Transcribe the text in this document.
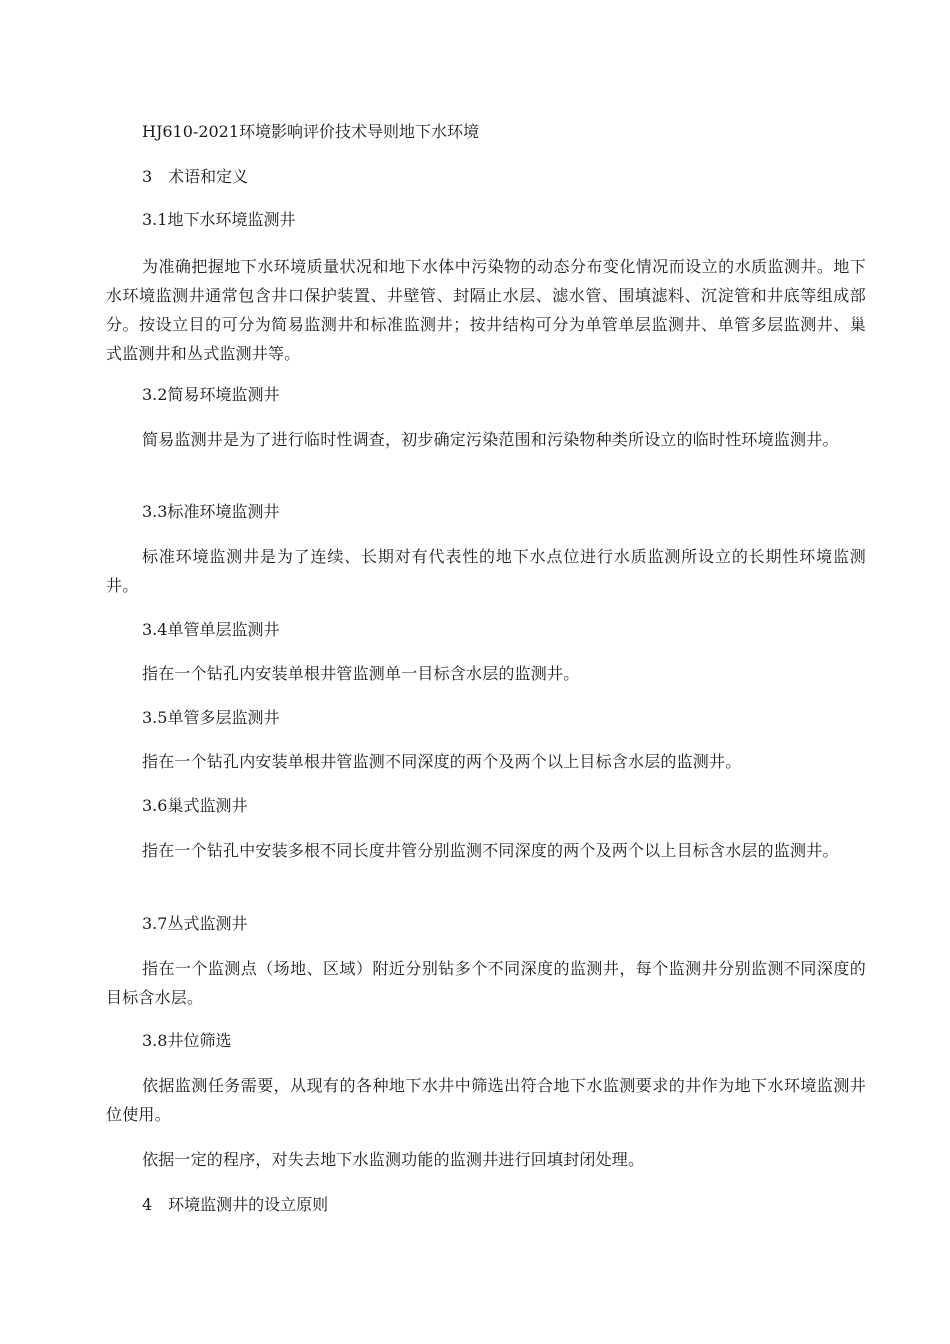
HJ610-2021环境影响评价技术导则地下水环境
3　术语和定义
3.1地下水环境监测井
为准确把握地下水环境质量状况和地下水体中污染物的动态分布变化情况而设立的水质监测井。地下水环境监测井通常包含井口保护装置、井壁管、封隔止水层、滤水管、围填滤料、沉淀管和井底等组成部分。按设立目的可分为简易监测井和标准监测井；按井结构可分为单管单层监测井、单管多层监测井、巢式监测井和丛式监测井等。
3.2简易环境监测井
简易监测井是为了进行临时性调查，初步确定污染范围和污染物种类所设立的临时性环境监测井。
3.3标准环境监测井
标准环境监测井是为了连续、长期对有代表性的地下水点位进行水质监测所设立的长期性环境监测井。
3.4单管单层监测井
指在一个钻孔内安装单根井管监测单一目标含水层的监测井。
3.5单管多层监测井
指在一个钻孔内安装单根井管监测不同深度的两个及两个以上目标含水层的监测井。
3.6巢式监测井
指在一个钻孔中安装多根不同长度井管分别监测不同深度的两个及两个以上目标含水层的监测井。
3.7丛式监测井
指在一个监测点（场地、区域）附近分别钻多个不同深度的监测井，每个监测井分别监测不同深度的目标含水层。
3.8井位筛选
依据监测任务需要，从现有的各种地下水井中筛选出符合地下水监测要求的井作为地下水环境监测井位使用。
依据一定的程序，对失去地下水监测功能的监测井进行回填封闭处理。
4　环境监测井的设立原则
